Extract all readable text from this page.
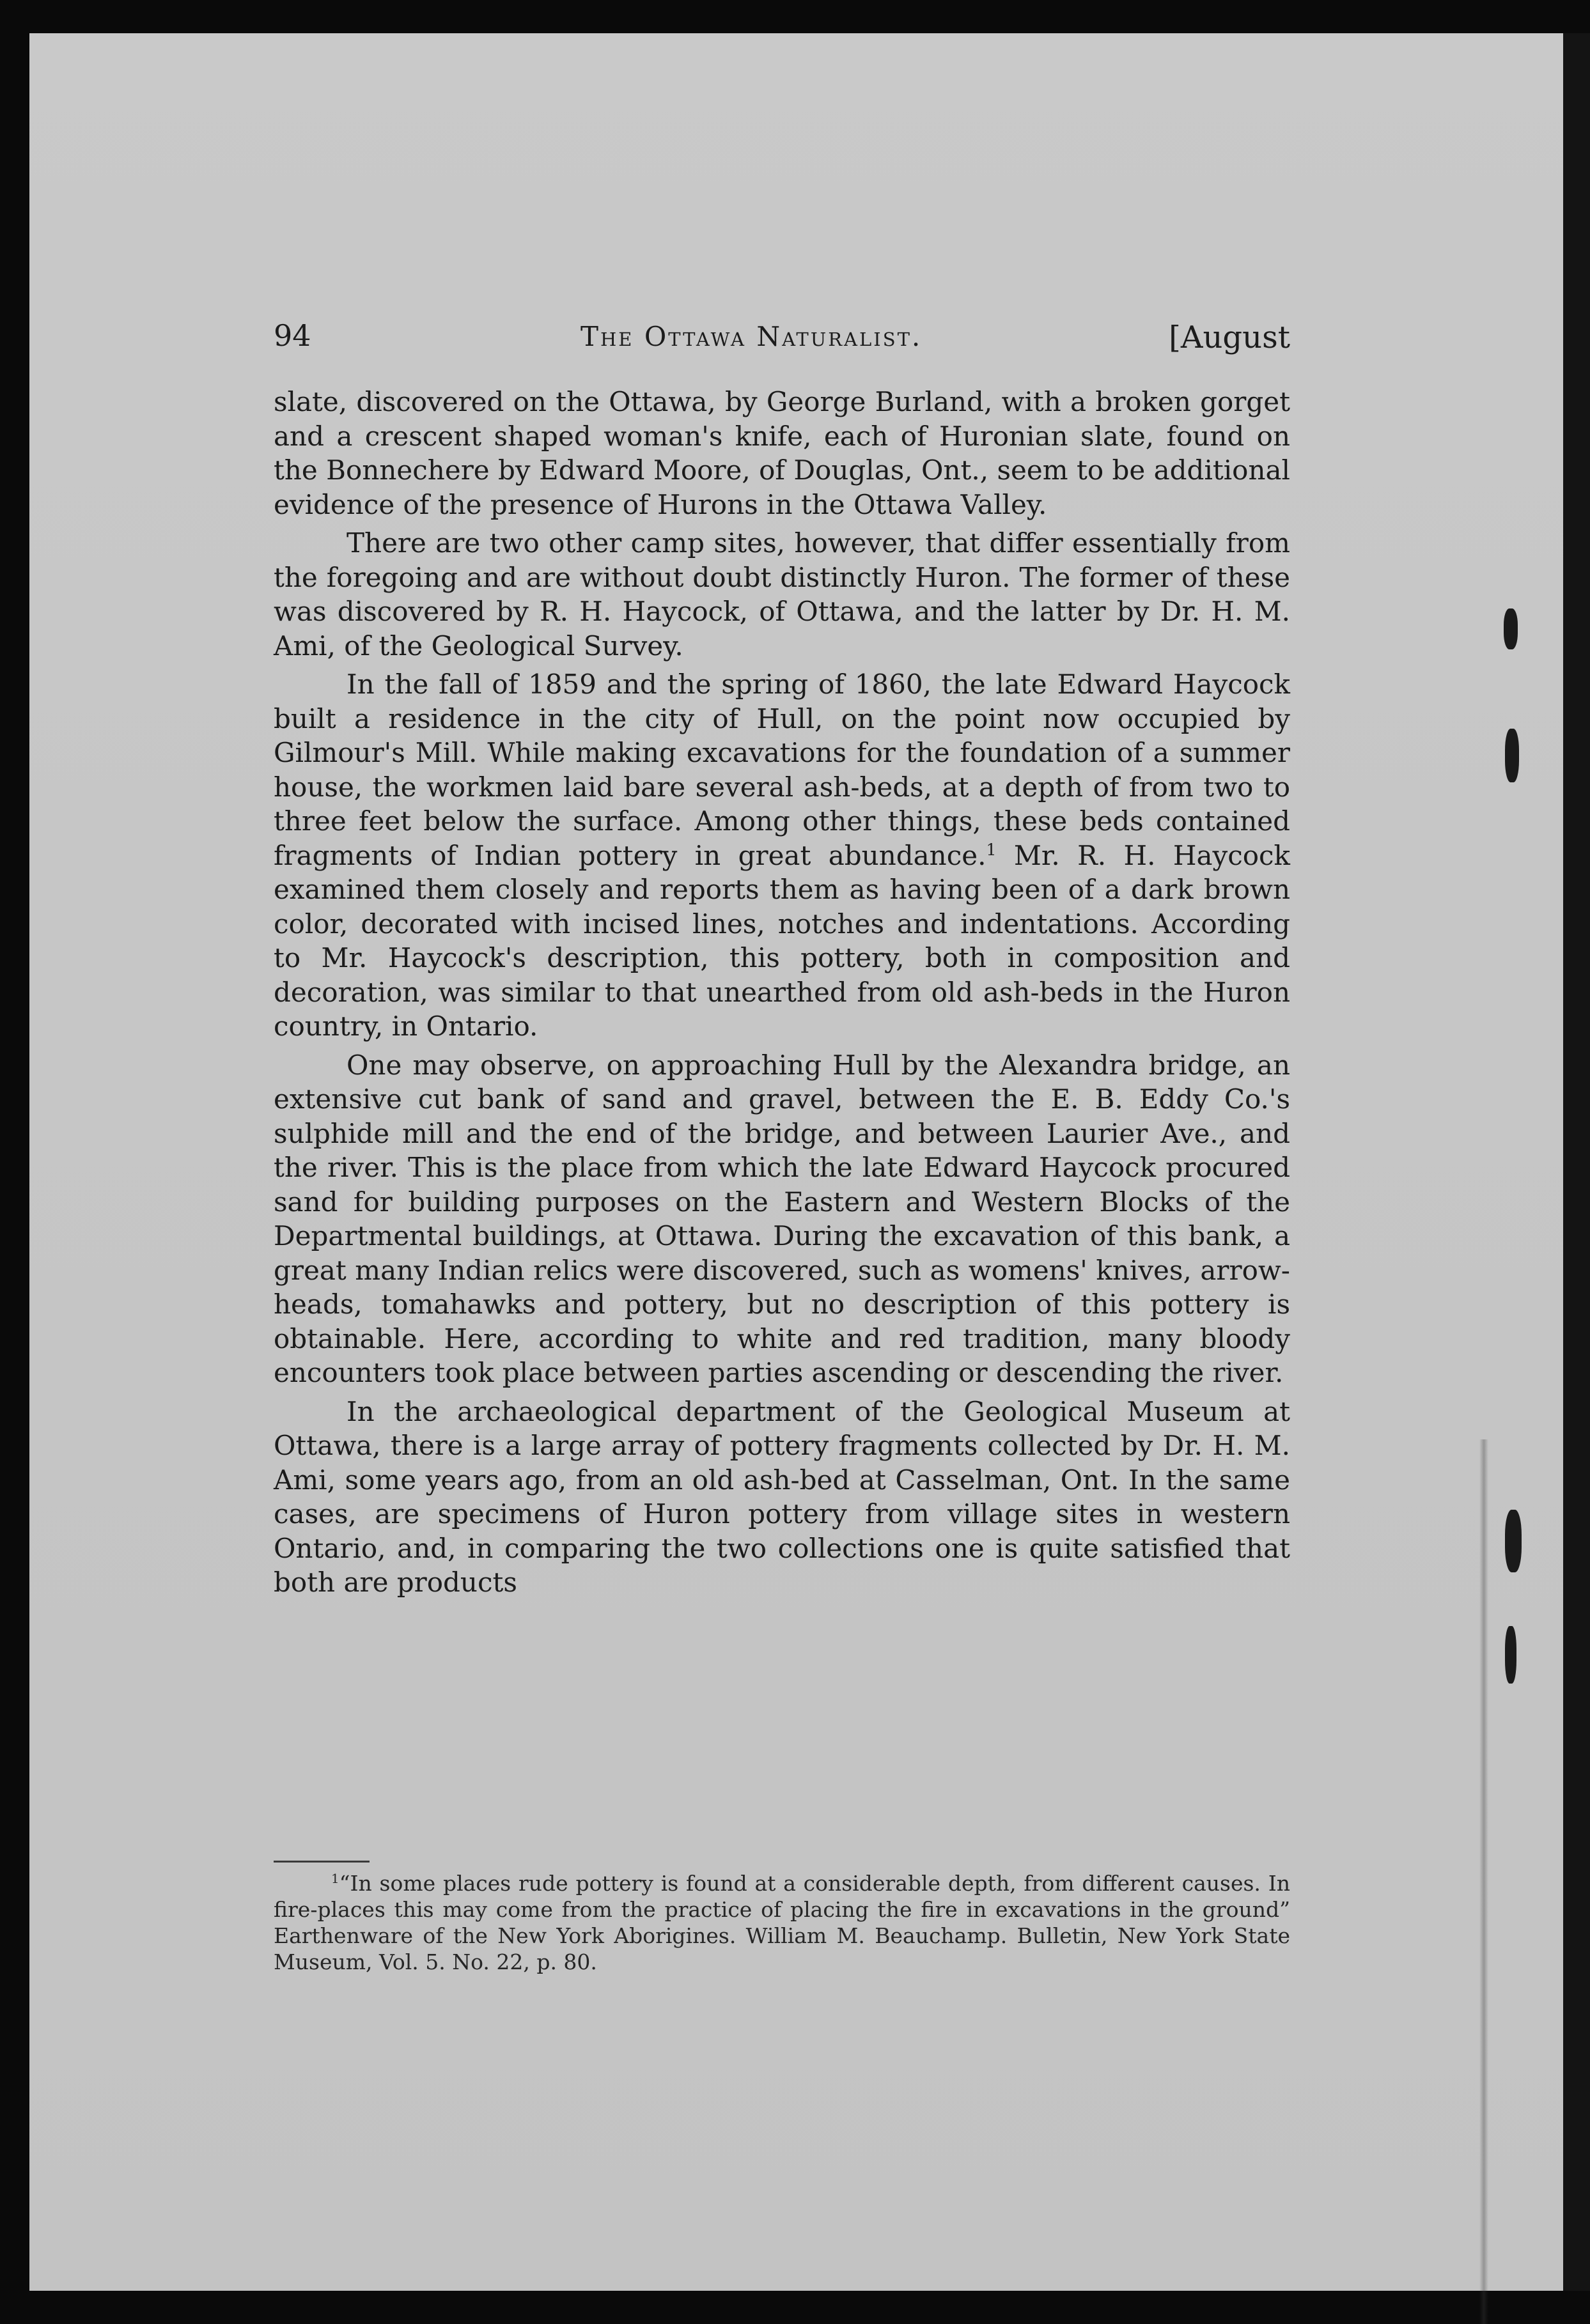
94	The Ottawa Naturalist.	[August

slate, discovered on the Ottawa, by George Burland, with a broken gorget and a crescent shaped woman's knife, each of Huronian slate, found on the Bonnechere by Edward Moore, of Douglas, Ont., seem to be additional evidence of the presence of Hurons in the Ottawa Valley.

There are two other camp sites, however, that differ essentially from the foregoing and are without doubt distinctly Huron. The former of these was discovered by R. H. Haycock, of Ottawa, and the latter by Dr. H. M. Ami, of the Geological Survey.

In the fall of 1859 and the spring of 1860, the late Edward Haycock built a residence in the city of Hull, on the point now occupied by Gilmour's Mill. While making excavations for the foundation of a summer house, the workmen laid bare several ash-beds, at a depth of from two to three feet below the surface. Among other things, these beds contained fragments of Indian pottery in great abundance.$^1$ Mr. R. H. Haycock examined them closely and reports them as having been of a dark brown color, decorated with incised lines, notches and indentations. According to Mr. Haycock's description, this pottery, both in composition and decoration, was similar to that unearthed from old ash-beds in the Huron country, in Ontario.

One may observe, on approaching Hull by the Alexandra bridge, an extensive cut bank of sand and gravel, between the E. B. Eddy Co.'s sulphide mill and the end of the bridge, and between Laurier Ave., and the river. This is the place from which the late Edward Haycock procured sand for building purposes on the Eastern and Western Blocks of the Departmental buildings, at Ottawa. During the excavation of this bank, a great many Indian relics were discovered, such as womens' knives, arrow-heads, tomahawks and pottery, but no description of this pottery is obtainable. Here, according to white and red tradition, many bloody encounters took place between parties ascending or descending the river.

In the archaeological department of the Geological Museum at Ottawa, there is a large array of pottery fragments collected by Dr. H. M. Ami, some years ago, from an old ash-bed at Casselman, Ont. In the same cases, are specimens of Huron pottery from village sites in western Ontario, and, in comparing the two collections one is quite satisfied that both are products

$^1$“In some places rude pottery is found at a considerable depth, from different causes. In fire-places this may come from the practice of placing the fire in excavations in the ground” Earthenware of the New York Aborigines. William M. Beauchamp. Bulletin, New York State Museum, Vol. 5. No. 22, p. 80.
